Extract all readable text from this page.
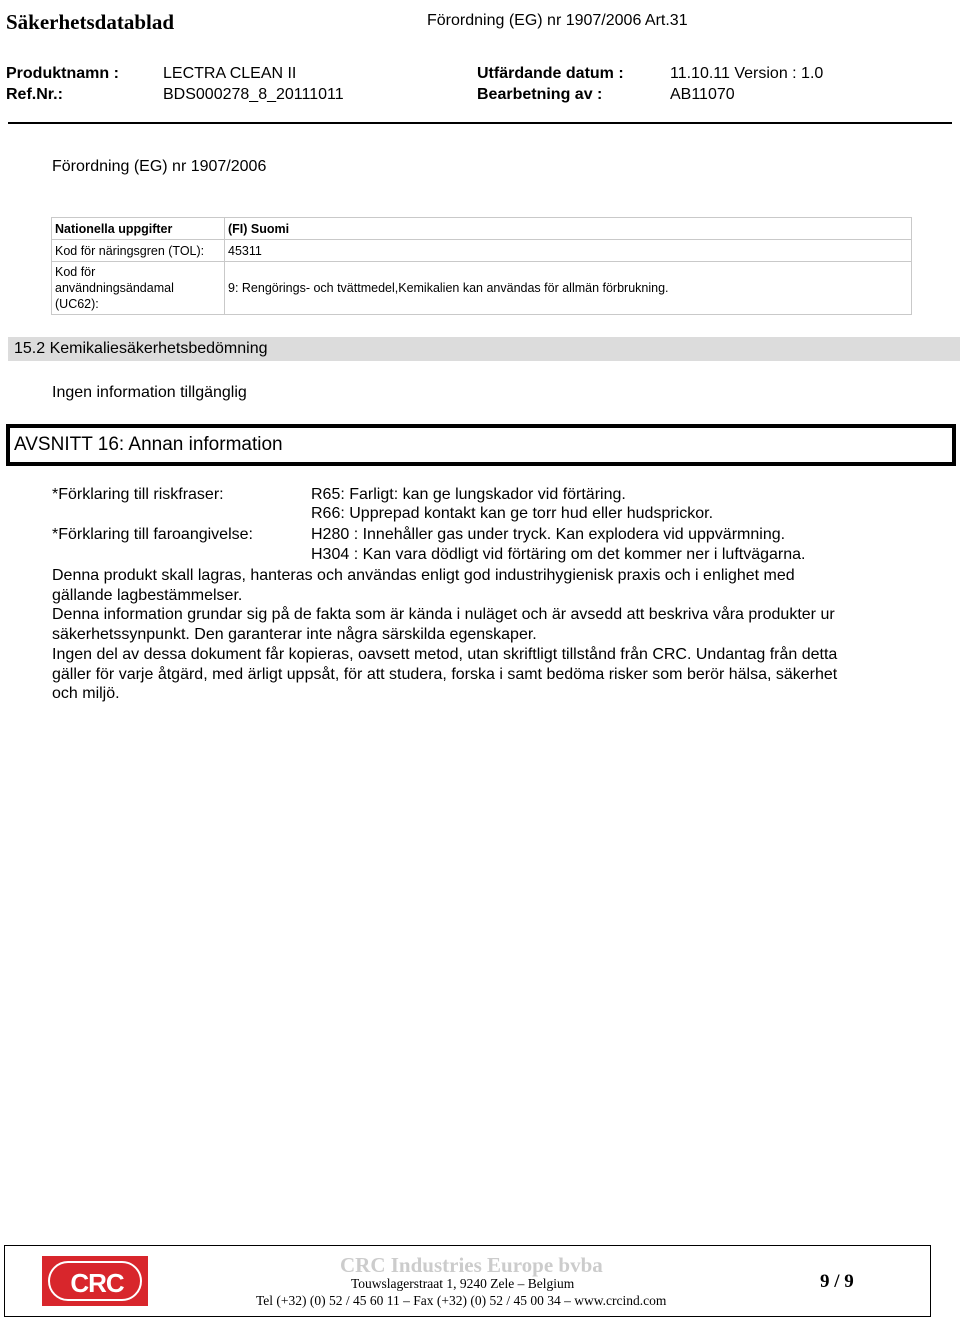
Säkerhetsdatablad	Förordning (EG) nr 1907/2006 Art.31
Produktnamn :	LECTRA CLEAN II	Utfärdande datum :	11.10.11 Version : 1.0
Ref.Nr.:	BDS000278_8_20111011	Bearbetning av :	AB11070
Förordning (EG) nr 1907/2006
Nationella uppgifter	(FI) Suomi
Kod för näringsgren (TOL):	45311

Kod för
användningsändamal
(UC62):	9: Rengörings- och tvättmedel,Kemikalien kan användas för allmän förbrukning.
15.2 Kemikaliesäkerhetsbedömning
Ingen information tillgänglig
AVSNITT 16: Annan information
*Förklaring till riskfraser:	R65: Farligt: kan ge lungskador vid förtäring.
R66: Upprepad kontakt kan ge torr hud eller hudsprickor.
*Förklaring till faroangivelse:	H280 : Innehåller gas under tryck. Kan explodera vid uppvärmning.
H304 : Kan vara dödligt vid förtäring om det kommer ner i luftvägarna.
Denna produkt skall lagras, hanteras och användas enligt god industrihygienisk praxis och i enlighet med
gällande lagbestämmelser.
Denna information grundar sig på de fakta som är kända i nuläget och är avsedd att beskriva våra produkter ur
säkerhetssynpunkt. Den garanterar inte några särskilda egenskaper.
Ingen del av dessa dokument får kopieras, oavsett metod, utan skriftligt tillstånd från CRC. Undantag från detta
gäller för varje åtgärd, med ärligt uppsåt, för att studera, forska i samt bedöma risker som berör hälsa, säkerhet
och miljö.
CRC
CRC Industries Europe bvba
Touwslagerstraat 1, 9240 Zele – Belgium
Tel (+32) (0) 52 / 45 60 11 – Fax (+32) (0) 52 / 45 00 34 – www.crcind.com
9 / 9
